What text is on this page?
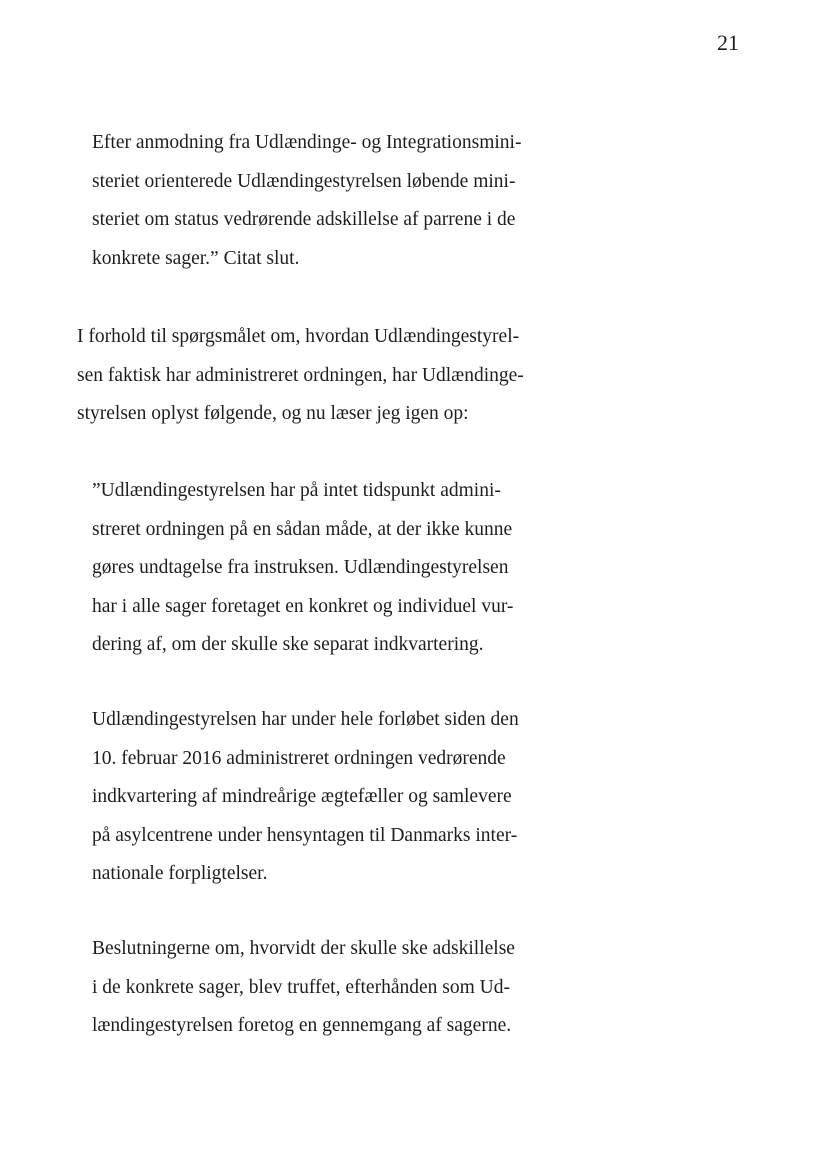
21

Efter anmodning fra Udlændinge- og Integrationsmini-
steriet orienterede Udlændingestyrelsen løbende mini-
steriet om status vedrørende adskillelse af parrene i de
konkrete sager.” Citat slut.

I forhold til spørgsmålet om, hvordan Udlændingestyrel-
sen faktisk har administreret ordningen, har Udlændinge-
styrelsen oplyst følgende, og nu læser jeg igen op:

”Udlændingestyrelsen har på intet tidspunkt admini-
streret ordningen på en sådan måde, at der ikke kunne
gøres undtagelse fra instruksen. Udlændingestyrelsen
har i alle sager foretaget en konkret og individuel vur-
dering af, om der skulle ske separat indkvartering.

Udlændingestyrelsen har under hele forløbet siden den
10. februar 2016 administreret ordningen vedrørende
indkvartering af mindreårige ægtefæller og samlevere
på asylcentrene under hensyntagen til Danmarks inter-
nationale forpligtelser.

Beslutningerne om, hvorvidt der skulle ske adskillelse
i de konkrete sager, blev truffet, efterhånden som Ud-
lændingestyrelsen foretog en gennemgang af sagerne.
